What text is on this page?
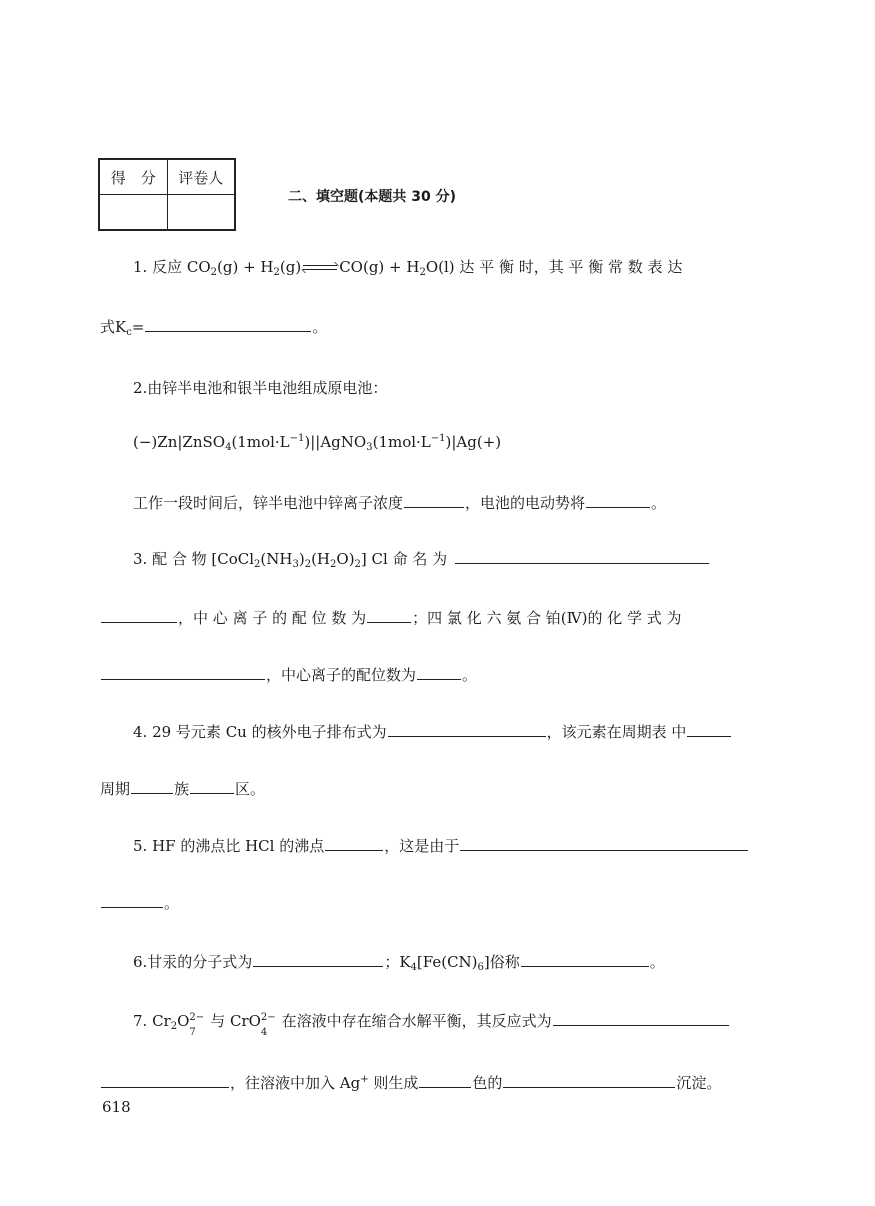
得　分	评卷人

二、填空题(本题共 30 分)
1. 反应 $CO_2(g) + H_2(g)$	$CO(g) + H_2O(l)$ 达 平 衡 时，其 平 衡 常 数 表 达
式$K_c=$	。
2.由锌半电池和银半电池组成原电池：
$(-)Zn|ZnSO_4(1mol\cdot L^{-1})||AgNO_3(1mol\cdot L^{-1})|Ag(+)$
工作一段时间后，锌半电池中锌离子浓度	，电池的电动势将	。
3. 配 合 物 $[CoCl_2(NH_3)_2(H_2O)_2]$ Cl 命 名 为
，中 心 离 子 的 配 位 数 为	；四 氯 化 六 氨 合 铂(Ⅳ)的 化 学 式 为
，中心离子的配位数为	。
4. 29 号元素 Cu 的核外电子排布式为	，该元素在周期表 中
周期	族	区。
5. HF 的沸点比 HCl 的沸点	，这是由于
。
6.甘汞的分子式为	；$K_4[Fe(CN)_6]$俗称	。
7. $Cr_2O$ 2−
7
与 CrO 2−
4
在溶液中存在缩合水解平衡，其反应式为
，往溶液中加入 Ag+ 则生成	色的	沉淀。
618
